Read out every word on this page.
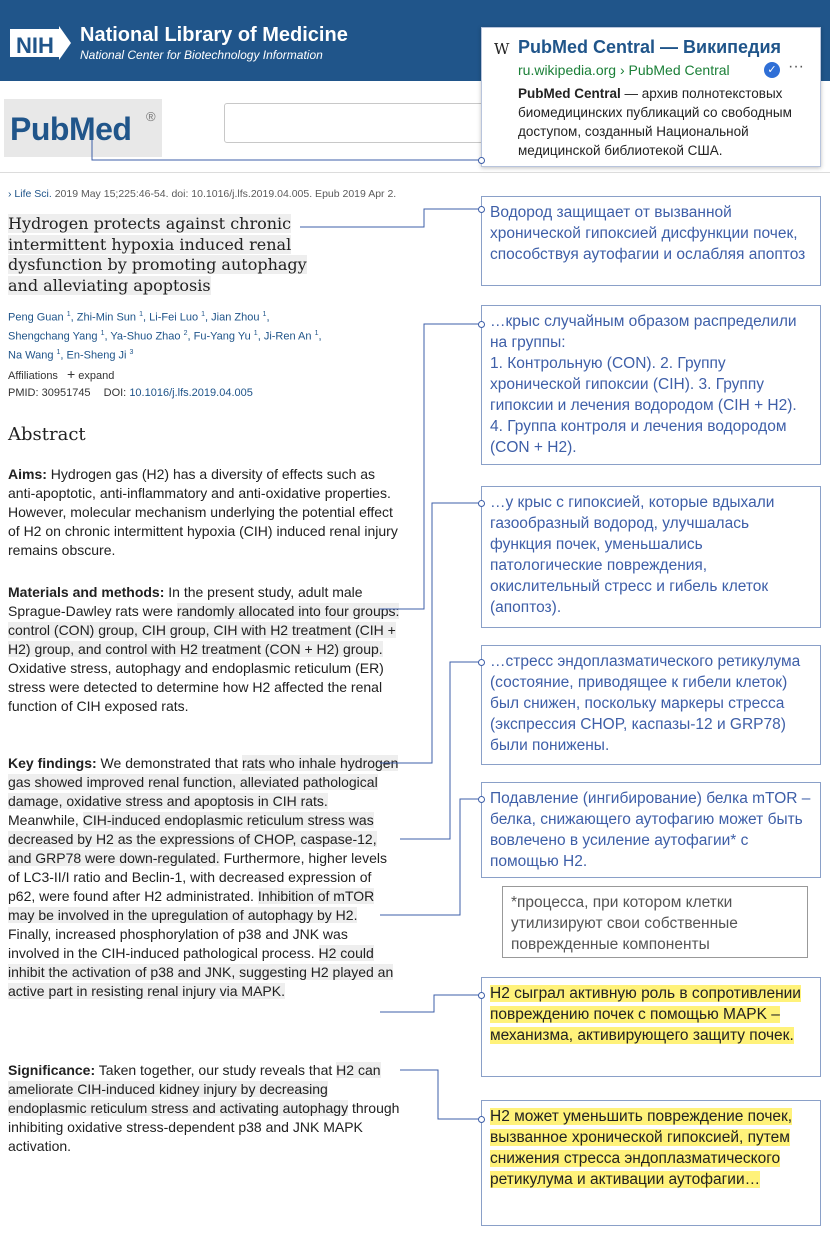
NIH	National Library of Medicine
National Center for Biotechnology Information
PubMed ®
W PubMed Central — Википедия
ru.wikipedia.org › PubMed Central	✓ ···
PubMed Central — архив полнотекстовых биомедицинских публикаций со свободным доступом, созданный Национальной медицинской библиотекой США.
› Life Sci. 2019 May 15;225:46-54. doi: 10.1016/j.lfs.2019.04.005. Epub 2019 Apr 2.
Hydrogen protects against chronic intermittent hypoxia induced renal dysfunction by promoting autophagy and alleviating apoptosis
Peng Guan $^1$, Zhi-Min Sun $^1$, Li-Fei Luo $^1$, Jian Zhou $^1$, Shengchang Yang $^1$, Ya-Shuo Zhao $^2$, Fu-Yang Yu $^1$, Ji-Ren An $^1$, Na Wang $^1$, En-Sheng Ji $^3$
Affiliations + expand
PMID: 30951745 DOI: 10.1016/j.lfs.2019.04.005
Abstract
Aims: Hydrogen gas (H2) has a diversity of effects such as anti-apoptotic, anti-inflammatory and anti-oxidative properties. However, molecular mechanism underlying the potential effect of H2 on chronic intermittent hypoxia (CIH) induced renal injury remains obscure.
Materials and methods: In the present study, adult male Sprague-Dawley rats were randomly allocated into four groups: control (CON) group, CIH group, CIH with H2 treatment (CIH + H2) group, and control with H2 treatment (CON + H2) group. Oxidative stress, autophagy and endoplasmic reticulum (ER) stress were detected to determine how H2 affected the renal function of CIH exposed rats.
Key findings: We demonstrated that rats who inhale hydrogen gas showed improved renal function, alleviated pathological damage, oxidative stress and apoptosis in CIH rats. Meanwhile, CIH-induced endoplasmic reticulum stress was decreased by H2 as the expressions of CHOP, caspase-12, and GRP78 were down-regulated. Furthermore, higher levels of LC3-II/I ratio and Beclin-1, with decreased expression of p62, were found after H2 administrated. Inhibition of mTOR may be involved in the upregulation of autophagy by H2. Finally, increased phosphorylation of p38 and JNK was involved in the CIH-induced pathological process. H2 could inhibit the activation of p38 and JNK, suggesting H2 played an active part in resisting renal injury via MAPK.
Significance: Taken together, our study reveals that H2 can ameliorate CIH-induced kidney injury by decreasing endoplasmic reticulum stress and activating autophagy through inhibiting oxidative stress-dependent p38 and JNK MAPK activation.
Водород защищает от вызванной хронической гипоксией дисфункции почек, способствуя аутофагии и ослабляя апоптоз
…крыс случайным образом распределили на группы:
1. Контрольную (CON). 2. Группу хронической гипоксии (CIH). 3. Группу гипоксии и лечения водородом (CIH + H2). 4. Группа контроля и лечения водородом (CON + H2).
…у крыс с гипоксией, которые вдыхали газообразный водород, улучшалась функция почек, уменьшались патологические повреждения, окислительный стресс и гибель клеток (апоптоз).
…стресс эндоплазматического ретикулума (состояние, приводящее к гибели клеток) был снижен, поскольку маркеры стресса (экспрессия CHOP, каспазы-12 и GRP78) были понижены.
Подавление (ингибирование) белка mTOR – белка, снижающего аутофагию может быть вовлечено в усиление аутофагии* с помощью H2.
*процесса, при котором клетки утилизируют свои собственные поврежденные компоненты
H2 сыграл активную роль в сопротивлении повреждению почек с помощью MAPK – механизма, активирующего защиту почек.
H2 может уменьшить повреждение почек, вызванное хронической гипоксией, путем снижения стресса эндоплазматического ретикулума и активации аутофагии…
